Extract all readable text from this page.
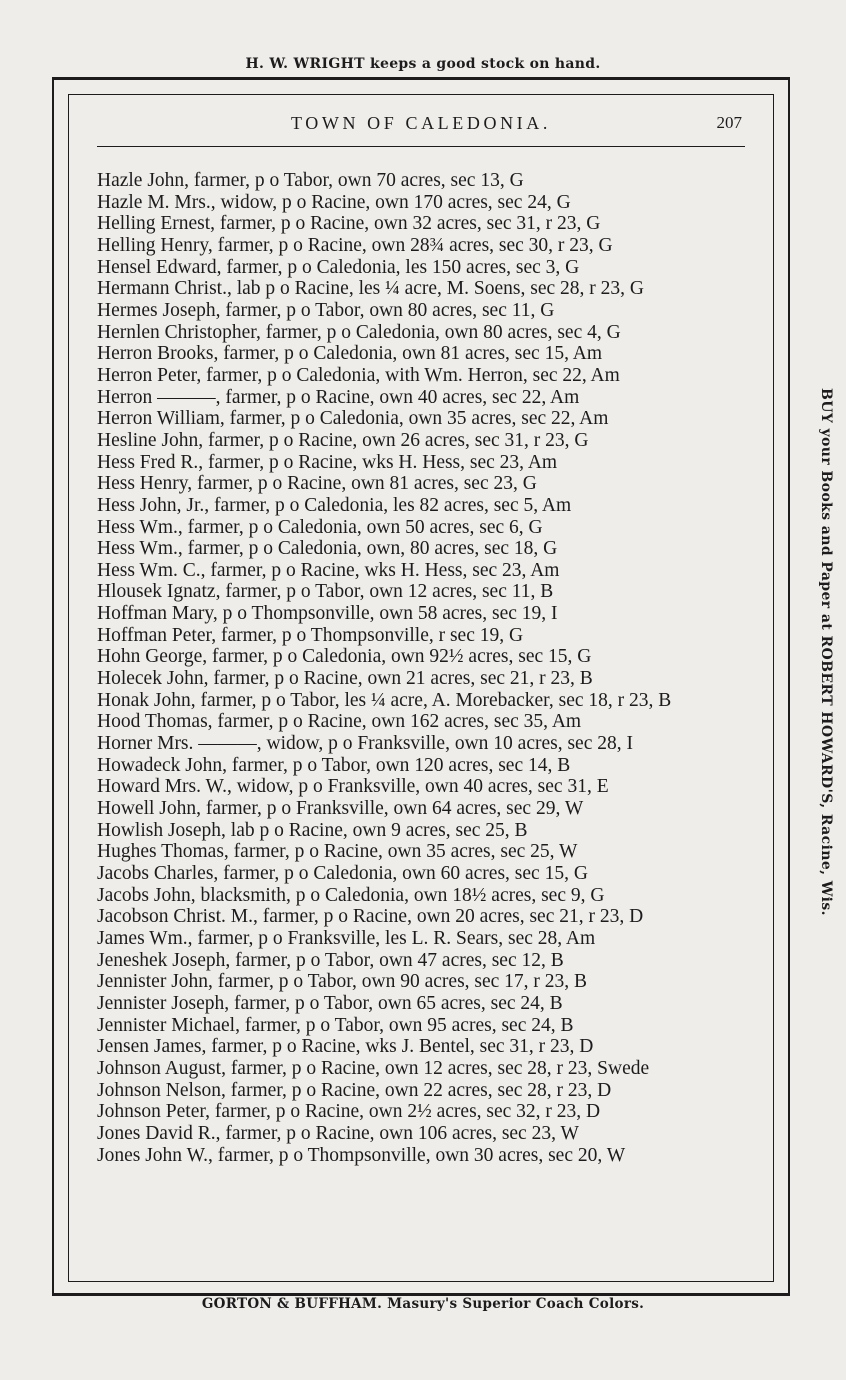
H. W. WRIGHT keeps a good stock on hand.
TOWN OF CALEDONIA.	207
Hazle John, farmer, p o Tabor, own 70 acres, sec 13, G
Hazle M. Mrs., widow, p o Racine, own 170 acres, sec 24, G
Helling Ernest, farmer, p o Racine, own 32 acres, sec 31, r 23, G
Helling Henry, farmer, p o Racine, own 28¾ acres, sec 30, r 23, G
Hensel Edward, farmer, p o Caledonia, les 150 acres, sec 3, G
Hermann Christ., lab p o Racine, les ¼ acre, M. Soens, sec 28, r 23, G
Hermes Joseph, farmer, p o Tabor, own 80 acres, sec 11, G
Hernlen Christopher, farmer, p o Caledonia, own 80 acres, sec 4, G
Herron Brooks, farmer, p o Caledonia, own 81 acres, sec 15, Am
Herron Peter, farmer, p o Caledonia, with Wm. Herron, sec 22, Am
Herron ———, farmer, p o Racine, own 40 acres, sec 22, Am
Herron William, farmer, p o Caledonia, own 35 acres, sec 22, Am
Hesline John, farmer, p o Racine, own 26 acres, sec 31, r 23, G
Hess Fred R., farmer, p o Racine, wks H. Hess, sec 23, Am
Hess Henry, farmer, p o Racine, own 81 acres, sec 23, G
Hess John, Jr., farmer, p o Caledonia, les 82 acres, sec 5, Am
Hess Wm., farmer, p o Caledonia, own 50 acres, sec 6, G
Hess Wm., farmer, p o Caledonia, own, 80 acres, sec 18, G
Hess Wm. C., farmer, p o Racine, wks H. Hess, sec 23, Am
Hlousek Ignatz, farmer, p o Tabor, own 12 acres, sec 11, B
Hoffman Mary, p o Thompsonville, own 58 acres, sec 19, I
Hoffman Peter, farmer, p o Thompsonville, r sec 19, G
Hohn George, farmer, p o Caledonia, own 92½ acres, sec 15, G
Holecek John, farmer, p o Racine, own 21 acres, sec 21, r 23, B
Honak John, farmer, p o Tabor, les ¼ acre, A. Morebacker, sec 18, r 23, B
Hood Thomas, farmer, p o Racine, own 162 acres, sec 35, Am
Horner Mrs. ———, widow, p o Franksville, own 10 acres, sec 28, I
Howadeck John, farmer, p o Tabor, own 120 acres, sec 14, B
Howard Mrs. W., widow, p o Franksville, own 40 acres, sec 31, E
Howell John, farmer, p o Franksville, own 64 acres, sec 29, W
Howlish Joseph, lab p o Racine, own 9 acres, sec 25, B
Hughes Thomas, farmer, p o Racine, own 35 acres, sec 25, W
Jacobs Charles, farmer, p o Caledonia, own 60 acres, sec 15, G
Jacobs John, blacksmith, p o Caledonia, own 18½ acres, sec 9, G
Jacobson Christ. M., farmer, p o Racine, own 20 acres, sec 21, r 23, D
James Wm., farmer, p o Franksville, les L. R. Sears, sec 28, Am
Jeneshek Joseph, farmer, p o Tabor, own 47 acres, sec 12, B
Jennister John, farmer, p o Tabor, own 90 acres, sec 17, r 23, B
Jennister Joseph, farmer, p o Tabor, own 65 acres, sec 24, B
Jennister Michael, farmer, p o Tabor, own 95 acres, sec 24, B
Jensen James, farmer, p o Racine, wks J. Bentel, sec 31, r 23, D
Johnson August, farmer, p o Racine, own 12 acres, sec 28, r 23, Swede
Johnson Nelson, farmer, p o Racine, own 22 acres, sec 28, r 23, D
Johnson Peter, farmer, p o Racine, own 2½ acres, sec 32, r 23, D
Jones David R., farmer, p o Racine, own 106 acres, sec 23, W
Jones John W., farmer, p o Thompsonville, own 30 acres, sec 20, W
BUY your Books and Paper at ROBERT HOWARD'S, Racine, Wis.
GORTON & BUFFHAM. Masury's Superior Coach Colors.
